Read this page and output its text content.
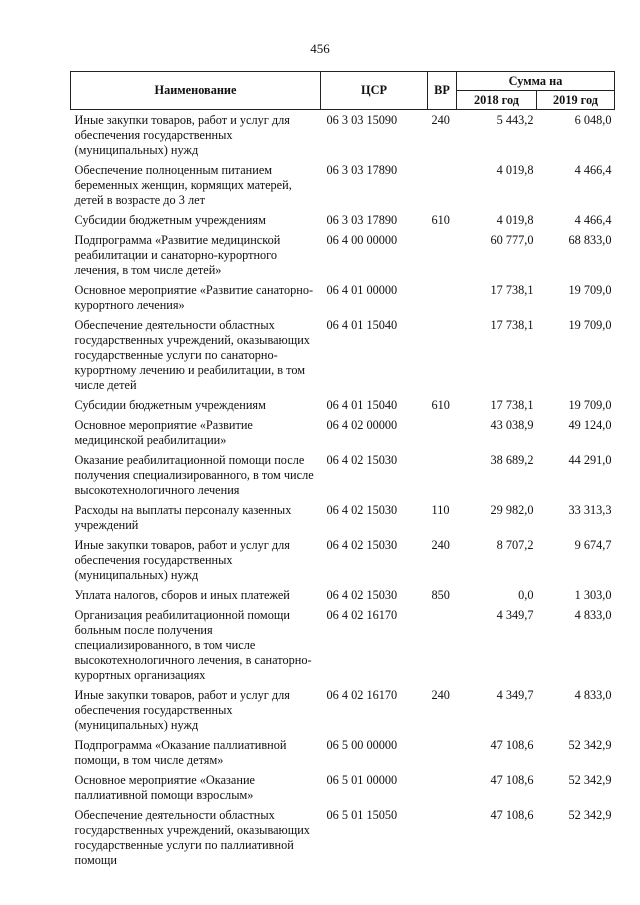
456
Наименование	ЦСР	ВР	Сумма на	
			2018 год	2019 год
Иные закупки товаров, работ и услуг для обеспечения государственных (муниципальных) нужд	06 3 03 15090	240	5 443,2	6 048,0
Обеспечение полноценным питанием беременных женщин, кормящих матерей, детей в возрасте до 3 лет	06 3 03 17890		4 019,8	4 466,4
Субсидии бюджетным учреждениям	06 3 03 17890	610	4 019,8	4 466,4
Подпрограмма «Развитие медицинской реабилитации и санаторно-курортного лечения, в том числе детей»	06 4 00 00000		60 777,0	68 833,0
Основное мероприятие «Развитие санаторно-курортного лечения»	06 4 01 00000		17 738,1	19 709,0
Обеспечение деятельности областных государственных учреждений, оказывающих государственные услуги по санаторно-курортному лечению и реабилитации, в том числе детей	06 4 01 15040		17 738,1	19 709,0
Субсидии бюджетным учреждениям	06 4 01 15040	610	17 738,1	19 709,0
Основное мероприятие «Развитие медицинской реабилитации»	06 4 02 00000		43 038,9	49 124,0
Оказание реабилитационной помощи после получения специализированного, в том числе высокотехнологичного лечения	06 4 02 15030		38 689,2	44 291,0
Расходы на выплаты персоналу казенных учреждений	06 4 02 15030	110	29 982,0	33 313,3
Иные закупки товаров, работ и услуг для обеспечения государственных (муниципальных) нужд	06 4 02 15030	240	8 707,2	9 674,7
Уплата налогов, сборов и иных платежей	06 4 02 15030	850	0,0	1 303,0
Организация реабилитационной помощи больным после получения специализированного, в том числе высокотехнологичного лечения, в санаторно-курортных организациях	06 4 02 16170		4 349,7	4 833,0
Иные закупки товаров, работ и услуг для обеспечения государственных (муниципальных) нужд	06 4 02 16170	240	4 349,7	4 833,0
Подпрограмма «Оказание паллиативной помощи, в том числе детям»	06 5 00 00000		47 108,6	52 342,9
Основное мероприятие «Оказание паллиативной помощи взрослым»	06 5 01 00000		47 108,6	52 342,9
Обеспечение деятельности областных государственных учреждений, оказывающих государственные услуги по паллиативной помощи	06 5 01 15050		47 108,6	52 342,9
